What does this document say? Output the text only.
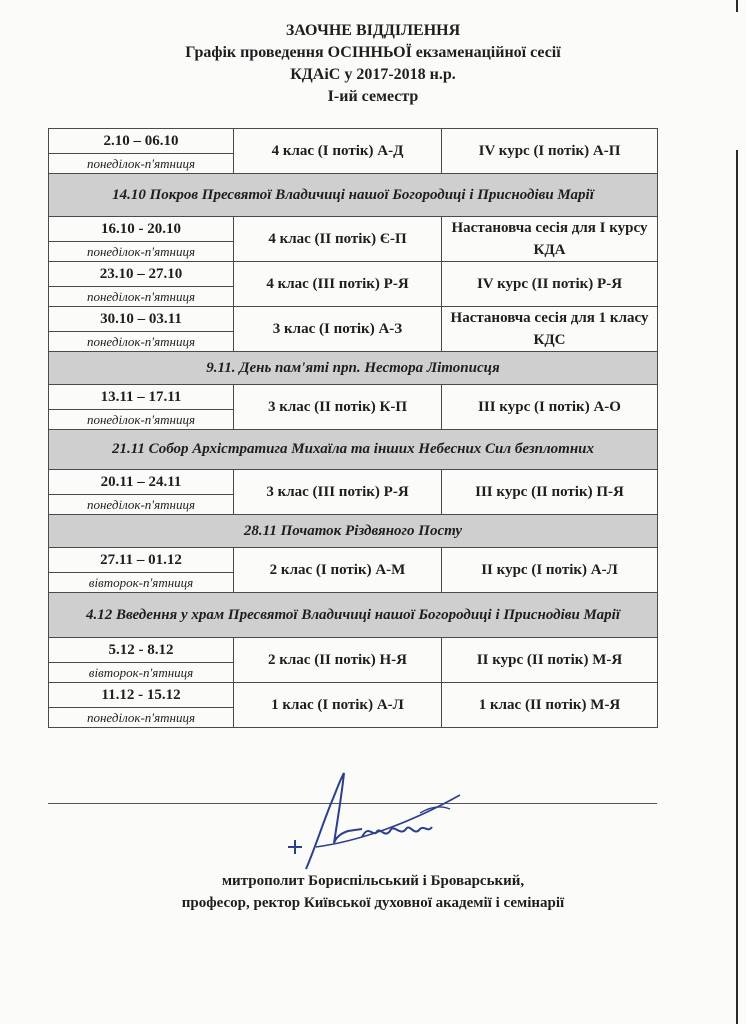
ЗАОЧНЕ ВІДДІЛЕННЯ
Графік проведення ОСІННЬОЇ екзаменаційної сесії
КДАіС у 2017-2018 н.р.
І-ий семестр
2.10 – 06.10	4 клас (І потік) А-Д	IV курс (І потік) А-П
понеділок-п'ятниця		
14.10 Покров Пресвятої Владичиці нашої Богородиці і Приснодіви Марії		
16.10 - 20.10	4 клас (II потік) Є-П	Настановча сесія для І курсу КДА
понеділок-п'ятниця		
23.10 – 27.10	4 клас (III потік) Р-Я	IV курс (II потік) Р-Я
понеділок-п'ятниця		
30.10 – 03.11	3 клас (І потік) А-З	Настановча сесія для 1 класу КДС
понеділок-п'ятниця		
9.11. День пам'яті прп. Нестора Літописця		
13.11 – 17.11	3 клас (II потік) К-П	III курс (І потік) А-О
понеділок-п'ятниця		
21.11 Собор Архістратига Михаїла та інших Небесних Сил безплотних		
20.11 – 24.11	3 клас (III потік) Р-Я	III курс (II потік) П-Я
понеділок-п'ятниця		
28.11 Початок Різдвяного Посту		
27.11 – 01.12	2 клас (І потік) А-М	II курс (І потік) А-Л
вівторок-п'ятниця		
4.12 Введення у храм Пресвятої Владичиці нашої Богородиці і Приснодіви Марії		
5.12 - 8.12	2 клас (II потік) Н-Я	II курс (II потік) М-Я
вівторок-п'ятниця		
11.12 - 15.12	1 клас (І потік) А-Л	1 клас (II потік) М-Я
понеділок-п'ятниця		
митрополит Бориспільський і Броварський,
професор, ректор Київської духовної академії і семінарії
